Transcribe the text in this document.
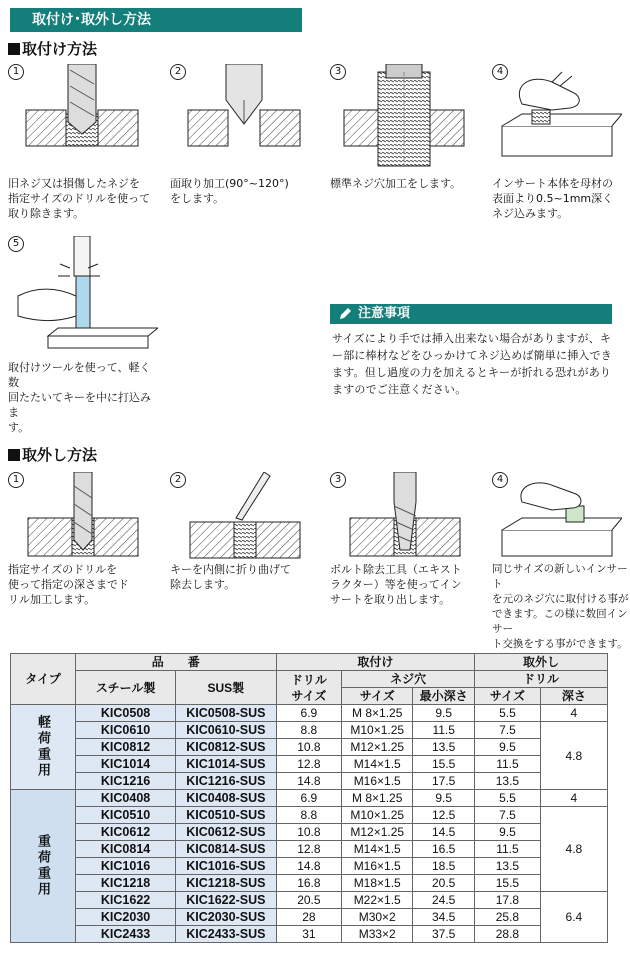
取付け･取外し方法
取付け方法
1
旧ネジ又は損傷したネジを
指定サイズのドリルを使って
取り除きます。
2
面取り加工(90°~120°)
をします。
3
標準ネジ穴加工をします。
4
インサート本体を母材の
表面より0.5~1mm深く
ネジ込みます。
5
取付けツールを使って、軽く数
回たたいてキーを中に打込みま
す。
注意事項
サイズにより手では挿入出来ない場合がありますが、キー部に棒材などをひっかけてネジ込めば簡単に挿入できます。但し過度の力を加えるとキーが折れる恐れがありますのでご注意ください。
取外し方法
1
指定サイズのドリルを
使って指定の深さまでド
リル加工します。
2
キーを内側に折り曲げて
除去します。
3
ボルト除去工具（エキスト
ラクター）等を使ってイン
サートを取り出します。
4
同じサイズの新しいインサート
を元のネジ穴に取付ける事が
できます。この様に数回インサー
ト交換をする事ができます。
タイプ	品　　番		取付け			取外し	
	スチール製	SUS製	ドリル
サイズ	ネジ穴		ドリル	
				サイズ	最小深さ	サイズ	深さ
軽荷重用	KIC0508	KIC0508-SUS	6.9	M 8×1.25	9.5	5.5	4
	KIC0610	KIC0610-SUS	8.8	M10×1.25	11.5	7.5	4.8
	KIC0812	KIC0812-SUS	10.8	M12×1.25	13.5	9.5	
	KIC1014	KIC1014-SUS	12.8	M14×1.5	15.5	11.5	
	KIC1216	KIC1216-SUS	14.8	M16×1.5	17.5	13.5	
重荷重用	KIC0408	KIC0408-SUS	6.9	M 8×1.25	9.5	5.5	4
	KIC0510	KIC0510-SUS	8.8	M10×1.25	12.5	7.5	4.8
	KIC0612	KIC0612-SUS	10.8	M12×1.25	14.5	9.5	
	KIC0814	KIC0814-SUS	12.8	M14×1.5	16.5	11.5	
	KIC1016	KIC1016-SUS	14.8	M16×1.5	18.5	13.5	
	KIC1218	KIC1218-SUS	16.8	M18×1.5	20.5	15.5	
	KIC1622	KIC1622-SUS	20.5	M22×1.5	24.5	17.8	6.4
	KIC2030	KIC2030-SUS	28	M30×2	34.5	25.8	
	KIC2433	KIC2433-SUS	31	M33×2	37.5	28.8	
